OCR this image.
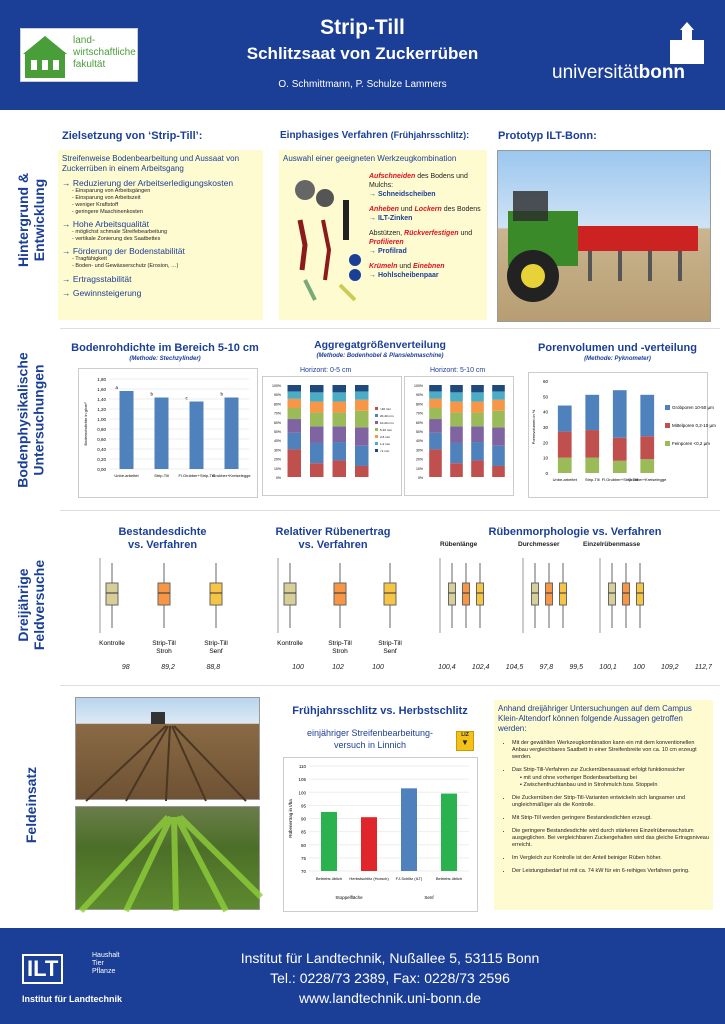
land-
wirtschaftliche
fakultät
Strip-Till
Schlitzsaat von Zuckerrüben
O. Schmittmann, P. Schulze Lammers
universitätbonn
Hintergrund &
Entwicklung
Zielsetzung von ‘Strip-Till’:
Streifenweise Bodenbearbeitung und Aussaat von Zuckerrüben in einem Arbeitsgang
→ Reduzierung der Arbeitserledigungskosten
- Einsparung von Arbeitsgängen
- Einsparung von Arbeitszeit
- weniger Kraftstoff
- geringere Maschinenkosten
→ Hohe Arbeitsqualität
- möglichst schmale Streifebearbeitung
- vertikale Zonierung des Saatbettes
→ Förderung der Bodenstabilität
- Tragfähigkeit
- Boden- und Gewässerschutz (Erosion, …)
→ Ertragsstabilität
→ Gewinnsteigerung
Einphasiges Verfahren (Frühjahrsschlitz):
Auswahl einer geeigneten Werkzeugkombination
Aufschneiden des Bodens und Mulchs:
→ Schneidscheiben
Anheben und Lockern des Bodens
→ ILT-Zinken
Abstützen, Rückverfestigen und Profilieren
→ Profilrad
Krümeln und Einebnen
→ Hohlscheibenpaar
Prototyp ILT-Bonn:
Bodenphysikalische
Untersuchungen
Bodenrohdichte im Bereich 5-10 cm
(Methode: Stechzylinder)
0,00
0,20
0,40
0,60
0,80
1,00
1,20
1,40
1,60
1,80
Bodenrohdichte in g/cm³
a
Unbe-arbeitet
b
Strip-Till
c
Fl.Grubber+Strip-Till
b
Grubber+Kreiselegge
Aggregatgrößenverteilung
(Methode: Bodenhobel & Plansiebmaschine)
Horizont: 0-5 cm	Horizont: 5-10 cm
0%
10%
20%
30%
40%
50%
60%
70%
80%
90%
100%
>40 mm
20-40 mm
10-20 mm
5-10 mm
2-5 mm
1-2 mm
<1 mm
0%
10%
20%
30%
40%
50%
60%
70%
80%
90%
100%
Porenvolumen und -verteilung
(Methode: Pyknometer)
0
10
20
30
40
50
60
Porenvolumen in %
Unbe-arbeitet Strip-Till Fl.Grubber+Strip-Till
Grubber+Kreiselegge
Grobporen 10-50 µm
Mittelporen 0,2-10 µm
Feinporen <0,2 µm
Dreijährige
Feldversuche
Bestandesdichte
vs. Verfahren
Kontrolle	Strip-Till
Stroh
Strip-Till
Senf
98	89,2	88,8
Relativer Rübenertrag
vs. Verfahren
Kontrolle	Strip-Till
Stroh
Strip-Till
Senf
100	102	100
Rübenmorphologie vs. Verfahren
Rübenlänge	Durchmesser	Einzelrübenmasse
100,4 102,4 104,5 97,8 99,5 100,1 100 109,2 112,7
Feldeinsatz
Frühjahrsschlitz vs. Herbstschlitz
einjähriger Streifenbearbeitung-
versuch in Linnich
LIZ
▼
70
75
80
85
90
95
100
105
110
Rübenertrag in t/ha
Betriebs üblich Herbstschlitz (Horsch) FJ-Schlitz (ILT)	Betriebs üblich
Stoppelfläche	Senf
Anhand dreijähriger Untersuchungen auf dem Campus Klein-Altendorf können folgende Aussagen getroffen werden:
• Mit der gewählten Werkzeugkombination kann ein mit dem konventionellen Anbau vergleichbares Saatbett in einer Streifenbreite von ca. 10 cm erzeugt werden.
• Das Strip-Till-Verfahren zur Zuckerrübenaussaat erfolgt funktionssicher
▪ mit und ohne vorheriger Bodenbearbeitung bei
▪ Zwischenfruchtanbau und in Strohmulch bzw. Stoppeln
• Die Zuckerrüben der Strip-Till-Varianten entwickeln sich langsamer und ungleichmäßiger als die Kontrolle.
• Mit Strip-Till werden geringere Bestandesdichten erzeugt.
• Die geringere Bestandesdichte wird durch stärkeres Einzelrübenwachstum ausgeglichen. Bei vergleichbaren Zuckergehalten wird das gleiche Ertragsniveau erreicht.
• Im Vergleich zur Kontrolle ist der Anteil beiniger Rüben höher.
• Der Leistungsbedarf ist mit ca. 74 kW für ein 6-reihiges Verfahren gering.
ILT
Haushalt
Tier
Pflanze
Institut für Landtechnik
Institut für Landtechnik, Nußallee 5, 53115 Bonn
Tel.: 0228/73 2389, Fax: 0228/73 2596
www.landtechnik.uni-bonn.de
